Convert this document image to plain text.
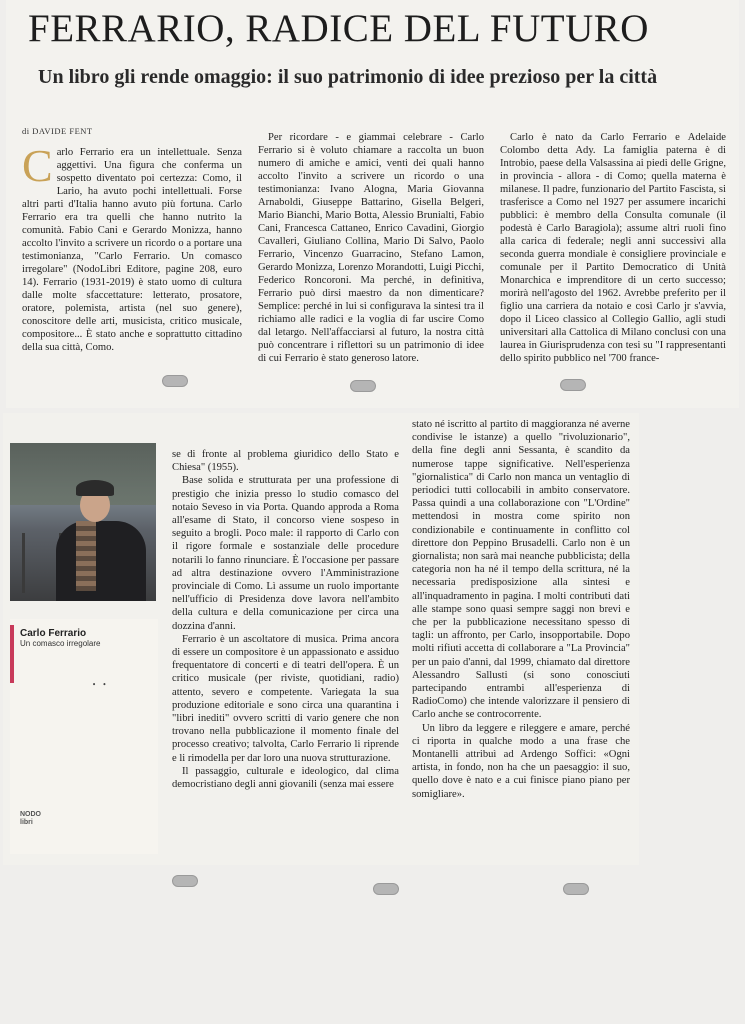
FERRARIO, RADICE DEL FUTURO
Un libro gli rende omaggio: il suo patrimonio di idee prezioso per la città
di DAVIDE FENT
C arlo Ferrario era un intellettuale. Senza aggettivi. Una figura che conferma un sospetto diventato poi certezza: Como, il Lario, ha avuto pochi intellettuali. Forse altri parti d'Italia hanno avuto più fortuna. Carlo Ferrario era tra quelli che hanno nutrito la comunità. Fabio Cani e Gerardo Monizza, hanno accolto l'invito a scrivere un ricordo o a portare una testimonianza, "Carlo Ferrario. Un comasco irregolare" (NodoLibri Editore, pagine 208, euro 14). Ferrario (1931-2019) è stato uomo di cultura dalle molte sfaccettature: letterato, prosatore, oratore, polemista, artista (nel suo genere), conoscitore delle arti, musicista, critico musicale, compositore... È stato anche e soprattutto cittadino della sua città, Como.

Per ricordare - e giammai celebrare - Carlo Ferrario si è voluto chiamare a raccolta un buon numero di amiche e amici, venti dei quali hanno accolto l'invito a scrivere un ricordo o una testimonianza: Ivano Alogna, Maria Giovanna Arnaboldi, Giuseppe Battarino, Gisella Belgeri, Mario Bianchi, Mario Botta, Alessio Brunialti, Fabio Cani, Francesca Cattaneo, Enrico Cavadini, Giorgio Cavalleri, Giuliano Collina, Mario Di Salvo, Paolo Ferrario, Vincenzo Guarracino, Stefano Lamon, Gerardo Monizza, Lorenzo Morandotti, Luigi Picchi, Federico Roncoroni. Ma perché, in definitiva, Ferrario può dirsi maestro da non dimenticare? Semplice: perché in lui si configurava la sintesi tra il richiamo alle radici e la voglia di far uscire Como dal letargo. Nell'affacciarsi al futuro, la nostra città può concentrare i riflettori su un patrimonio di idee di cui Ferrario è stato generoso latore.

Carlo è nato da Carlo Ferrario e Adelaide Colombo detta Ady. La famiglia paterna è di Introbio, paese della Valsassina ai piedi delle Grigne, in provincia - allora - di Como; quella materna è milanese. Il padre, funzionario del Partito Fascista, si trasferisce a Como nel 1927 per assumere incarichi pubblici: è membro della Consulta comunale (il podestà è Carlo Baragiola); assume altri ruoli fino alla carica di federale; negli anni successivi alla seconda guerra mondiale è consigliere provinciale e comunale per il Partito Democratico di Unità Monarchica e imprenditore di un certo successo; morirà nell'agosto del 1962. Avrebbe preferito per il figlio una carriera da notaio e così Carlo jr s'avvia, dopo il Liceo classico al Collegio Gallio, agli studi universitari alla Cattolica di Milano conclusi con una laurea in Giurisprudenza con tesi su "I rappresentanti dello spirito pubblico nel '700 france-

Carlo Ferrario
Un comasco irregolare
• •
NODO libri

se di fronte al problema giuridico dello Stato e Chiesa" (1955).

Base solida e strutturata per una professione di prestigio che inizia presso lo studio comasco del notaio Seveso in via Porta. Quando approda a Roma all'esame di Stato, il concorso viene sospeso in seguito a brogli. Poco male: il rapporto di Carlo con il rigore formale e sostanziale delle procedure notarili lo fanno rinunciare. È l'occasione per passare ad altra destinazione ovvero l'Amministrazione provinciale di Como. Lì assume un ruolo importante nell'ufficio di Presidenza dove lavora nell'ambito della cultura e della comunicazione per circa una dozzina d'anni.

Ferrario è un ascoltatore di musica. Prima ancora di essere un compositore è un appassionato e assiduo frequentatore di concerti e di teatri dell'opera. È un critico musicale (per riviste, quotidiani, radio) attento, severo e competente. Variegata la sua produzione editoriale e sono circa una quarantina i "libri inediti" ovvero scritti di vario genere che non trovano nella pubblicazione il momento finale del processo creativo; talvolta, Carlo Ferrario li riprende e li rimodella per dar loro una nuova strutturazione.

Il passaggio, culturale e ideologico, dal clima democristiano degli anni giovanili (senza mai essere

stato né iscritto al partito di maggioranza né averne condivise le istanze) a quello "rivoluzionario", della fine degli anni Sessanta, è scandito da numerose tappe significative. Nell'esperienza "giornalistica" di Carlo non manca un ventaglio di periodici tutti collocabili in ambito conservatore. Passa quindi a una collaborazione con "L'Ordine" mettendosi in mostra come spirito non condizionabile e continuamente in conflitto col direttore don Peppino Brusadelli. Carlo non è un giornalista; non sarà mai neanche pubblicista; della categoria non ha né il tempo della scrittura, né la necessaria predisposizione alla sintesi e all'inquadramento in pagina. I molti contributi dati alle stampe sono quasi sempre saggi non brevi e che per la pubblicazione necessitano spesso di tagli: un affronto, per Carlo, insopportabile. Dopo molti rifiuti accetta di collaborare a "La Provincia" per un paio d'anni, dal 1999, chiamato dal direttore Alessandro Sallusti (si sono conosciuti partecipando entrambi all'esperienza di RadioComo) che intende valorizzare il pensiero di Carlo anche se controcorrente.

Un libro da leggere e rileggere e amare, perché ci riporta in qualche modo a una frase che Montanelli attribuì ad Ardengo Soffici: «Ogni artista, in fondo, non ha che un paesaggio: il suo, quello dove è nato e a cui finisce piano piano per somigliare».
